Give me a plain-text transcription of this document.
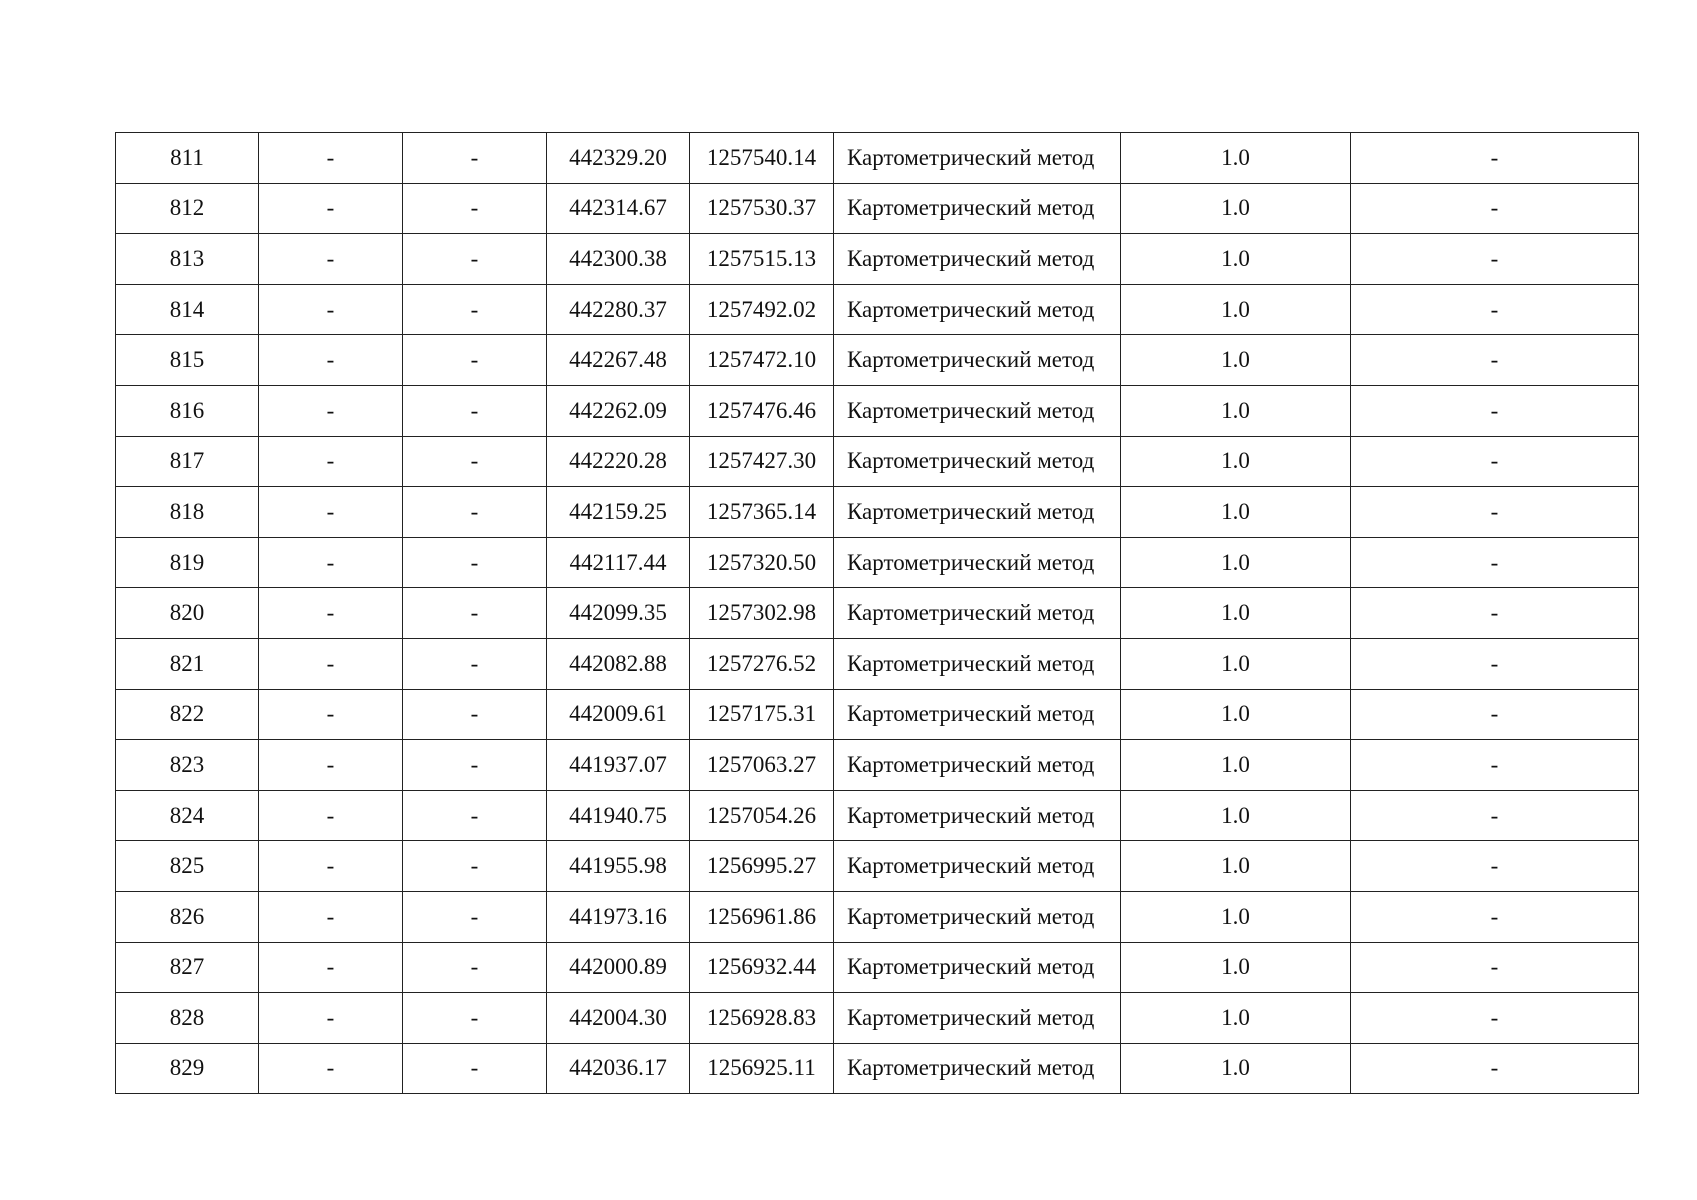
811	-	-	442329.20	1257540.14	Картометрический метод	1.0	-
812	-	-	442314.67	1257530.37	Картометрический метод	1.0	-
813	-	-	442300.38	1257515.13	Картометрический метод	1.0	-
814	-	-	442280.37	1257492.02	Картометрический метод	1.0	-
815	-	-	442267.48	1257472.10	Картометрический метод	1.0	-
816	-	-	442262.09	1257476.46	Картометрический метод	1.0	-
817	-	-	442220.28	1257427.30	Картометрический метод	1.0	-
818	-	-	442159.25	1257365.14	Картометрический метод	1.0	-
819	-	-	442117.44	1257320.50	Картометрический метод	1.0	-
820	-	-	442099.35	1257302.98	Картометрический метод	1.0	-
821	-	-	442082.88	1257276.52	Картометрический метод	1.0	-
822	-	-	442009.61	1257175.31	Картометрический метод	1.0	-
823	-	-	441937.07	1257063.27	Картометрический метод	1.0	-
824	-	-	441940.75	1257054.26	Картометрический метод	1.0	-
825	-	-	441955.98	1256995.27	Картометрический метод	1.0	-
826	-	-	441973.16	1256961.86	Картометрический метод	1.0	-
827	-	-	442000.89	1256932.44	Картометрический метод	1.0	-
828	-	-	442004.30	1256928.83	Картометрический метод	1.0	-
829	-	-	442036.17	1256925.11	Картометрический метод	1.0	-
